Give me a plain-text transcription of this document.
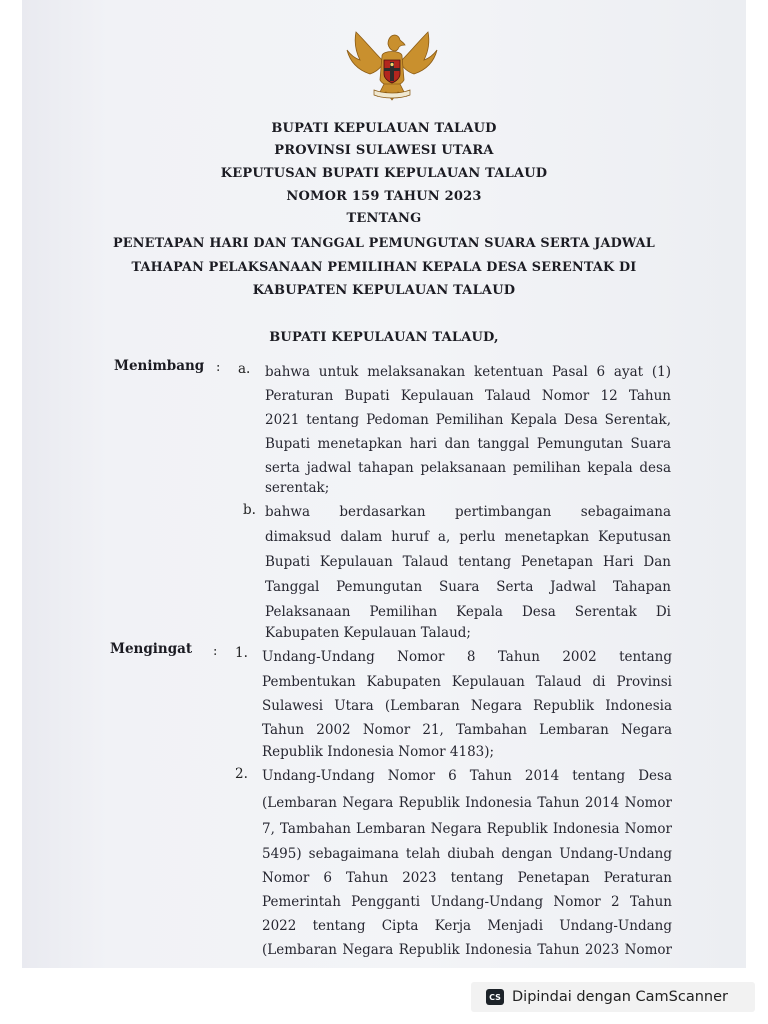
BUPATI KEPULAUAN TALAUD
PROVINSI SULAWESI UTARA
KEPUTUSAN BUPATI KEPULAUAN TALAUD
NOMOR 159 TAHUN 2023
TENTANG
PENETAPAN HARI DAN TANGGAL PEMUNGUTAN SUARA SERTA JADWAL
TAHAPAN PELAKSANAAN PEMILIHAN KEPALA DESA SERENTAK DI
KABUPATEN KEPULAUAN TALAUD
BUPATI KEPULAUAN TALAUD,
Menimbang : a. bahwa untuk melaksanakan ketentuan Pasal 6 ayat (1)
Peraturan Bupati Kepulauan Talaud Nomor 12 Tahun
2021 tentang Pedoman Pemilihan Kepala Desa Serentak,
Bupati menetapkan hari dan tanggal Pemungutan Suara
serta jadwal tahapan pelaksanaan pemilihan kepala desa
serentak;
b. bahwa berdasarkan pertimbangan sebagaimana
dimaksud dalam huruf a, perlu menetapkan Keputusan
Bupati Kepulauan Talaud tentang Penetapan Hari Dan
Tanggal Pemungutan Suara Serta Jadwal Tahapan
Pelaksanaan Pemilihan Kepala Desa Serentak Di
Kabupaten Kepulauan Talaud;
Mengingat : 1. Undang-Undang Nomor 8 Tahun 2002 tentang
Pembentukan Kabupaten Kepulauan Talaud di Provinsi
Sulawesi Utara (Lembaran Negara Republik Indonesia
Tahun 2002 Nomor 21, Tambahan Lembaran Negara
Republik Indonesia Nomor 4183);
2. Undang-Undang Nomor 6 Tahun 2014 tentang Desa
(Lembaran Negara Republik Indonesia Tahun 2014 Nomor
7, Tambahan Lembaran Negara Republik Indonesia Nomor
5495) sebagaimana telah diubah dengan Undang-Undang
Nomor 6 Tahun 2023 tentang Penetapan Peraturan
Pemerintah Pengganti Undang-Undang Nomor 2 Tahun
2022 tentang Cipta Kerja Menjadi Undang-Undang
(Lembaran Negara Republik Indonesia Tahun 2023 Nomor
CS Dipindai dengan CamScanner
